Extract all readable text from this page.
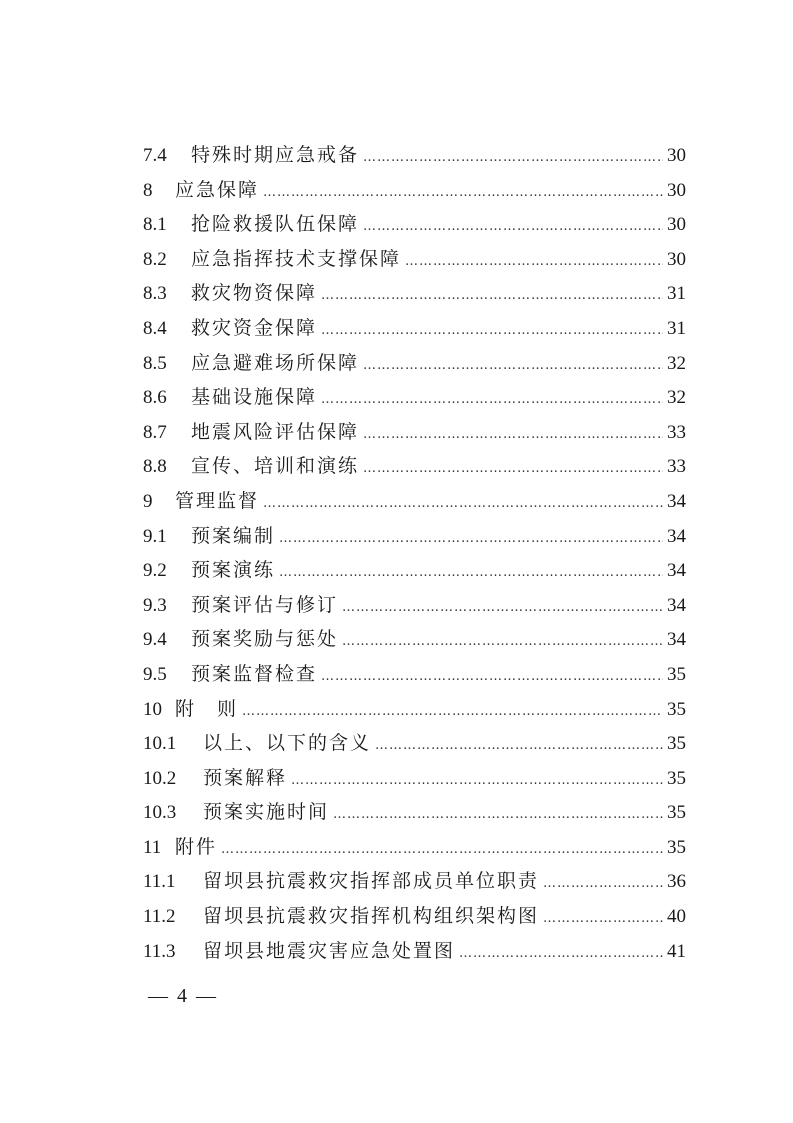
7.4	特殊时期应急戒备 …………………………………………………………………………………………………………………………………	30
8	应急保障 …………………………………………………………………………………………………………………………………	30
8.1	抢险救援队伍保障 …………………………………………………………………………………………………………………………………	30
8.2	应急指挥技术支撑保障 …………………………………………………………………………………………………………………………………	30
8.3	救灾物资保障 …………………………………………………………………………………………………………………………………	31
8.4	救灾资金保障 …………………………………………………………………………………………………………………………………	31
8.5	应急避难场所保障 …………………………………………………………………………………………………………………………………	32
8.6	基础设施保障 …………………………………………………………………………………………………………………………………	32
8.7	地震风险评估保障 …………………………………………………………………………………………………………………………………	33
8.8	宣传、培训和演练 …………………………………………………………………………………………………………………………………	33
9	管理监督 …………………………………………………………………………………………………………………………………	34
9.1	预案编制 …………………………………………………………………………………………………………………………………	34
9.2	预案演练 …………………………………………………………………………………………………………………………………	34
9.3	预案评估与修订 …………………………………………………………………………………………………………………………………	34
9.4	预案奖励与惩处 …………………………………………………………………………………………………………………………………	34
9.5	预案监督检查 …………………………………………………………………………………………………………………………………	35
10 附　则 …………………………………………………………………………………………………………………………………	35
10.1	以上、以下的含义 …………………………………………………………………………………………………………………………………	35
10.2	预案解释 …………………………………………………………………………………………………………………………………	35
10.3	预案实施时间 …………………………………………………………………………………………………………………………………	35
11 附件 …………………………………………………………………………………………………………………………………	35
11.1	留坝县抗震救灾指挥部成员单位职责 …………………………………………………………………………………………………………………………………	36
11.2	留坝县抗震救灾指挥机构组织架构图 …………………………………………………………………………………………………………………………………	40
11.3	留坝县地震灾害应急处置图 …………………………………………………………………………………………………………………………………	41
— 4 —
